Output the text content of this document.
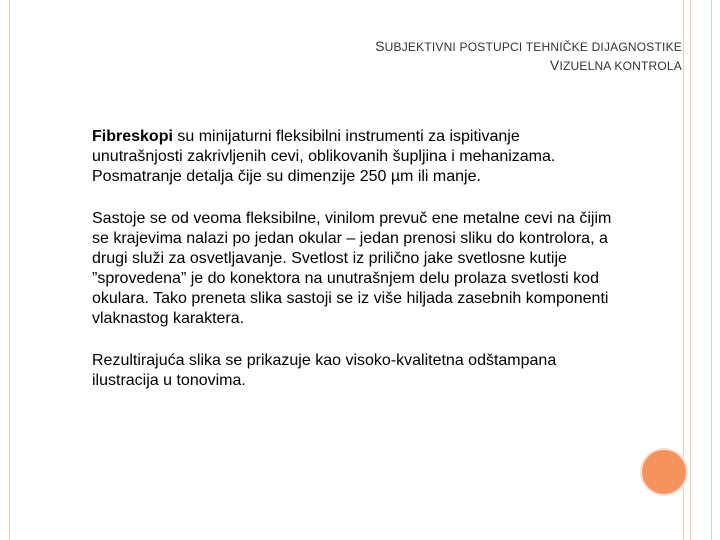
SUBJEKTIVNI POSTUPCI TEHNIČKE DIJAGNOSTIKE
VIZUELNA KONTROLA

Fibreskopi su minijaturni fleksibilni instrumenti za ispitivanje unutrašnjosti zakrivljenih cevi, oblikovanih šupljina i mehanizama. Posmatranje detalja čije su dimenzije 250 µm ili manje.

Sastoje se od veoma fleksibilne, vinilom prevuč ene metalne cevi na čijim se krajevima nalazi po jedan okular – jedan prenosi sliku do kontrolora, a drugi služi za osvetljavanje. Svetlost iz prilično jake svetlosne kutije ”sprovedena” je do konektora na unutrašnjem delu prolaza svetlosti kod okulara. Tako preneta slika sastoji se iz više hiljada zasebnih komponenti vlaknastog karaktera.

Rezultirajuća slika se prikazuje kao visoko-kvalitetna odštampana ilustracija u tonovima.
